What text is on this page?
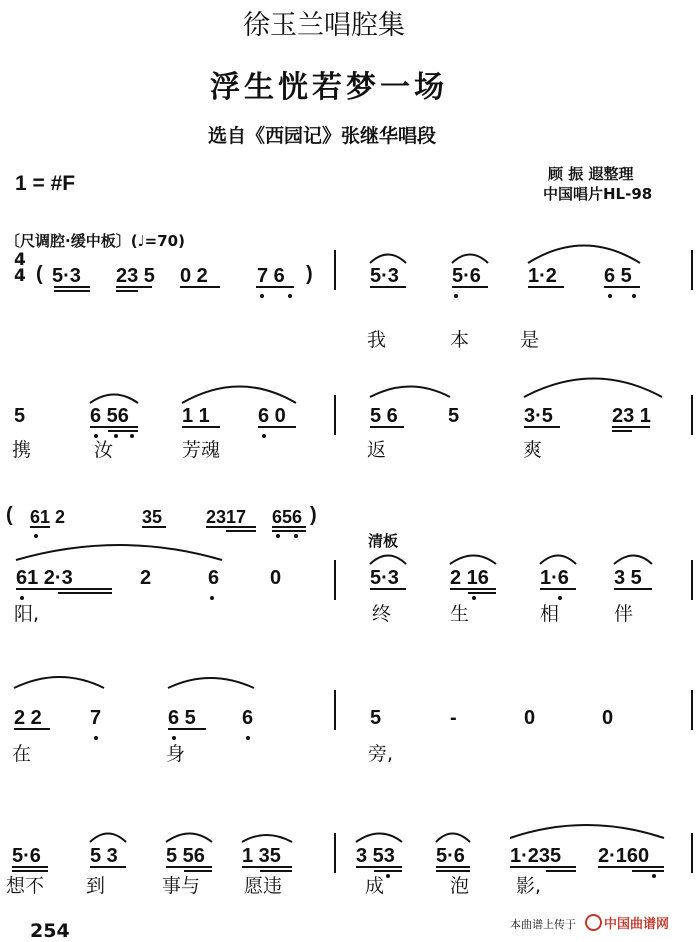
徐玉兰唱腔集
浮生恍若梦一场
选自《西园记》张继华唱段
1 = #F	顾 振 遐整理
中国唱片HL-98
〔尺调腔·缓中板〕(♩=70)
4
4 ( 5·3 23 5 0 2 7 6 )	5·3	5·6 1·2 6 5
我	本	是
5	6 56	1 1 6 0	5 6	5	3·5	23 1
携	汝	芳魂	返	爽
( 61 2	35 2317 656 )
清板
61 2·3	2	6	0	5·3	2 16	1·6 3 5
阳,	终	生	相	伴
2 2 7	6 5 6	5	-	0	0
在	身	旁,
5·6 5 3 5 56 1 35	3 53 5·6 1·235 2·160
想不 到	事与 愿违	成	泡 影,
254	本曲谱上传于	中国曲谱网
